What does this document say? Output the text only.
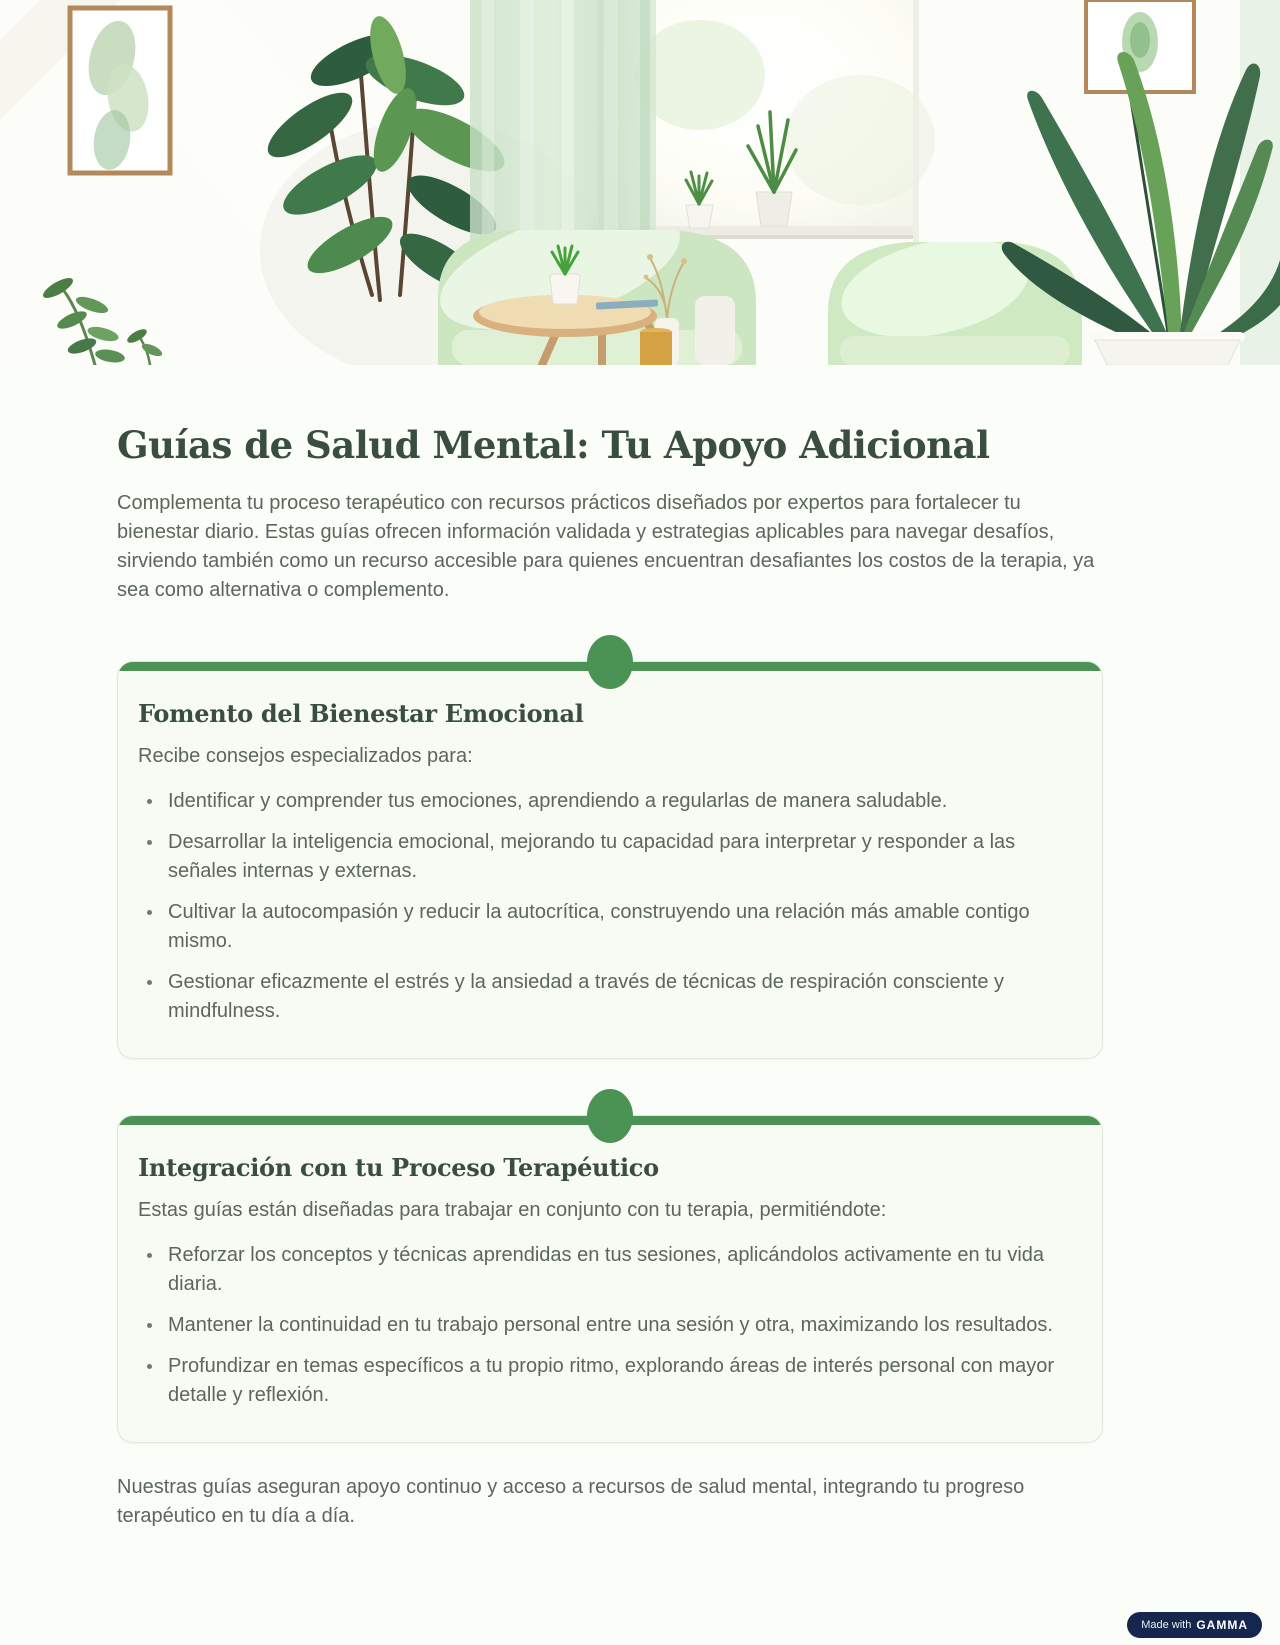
Guías de Salud Mental: Tu Apoyo Adicional

Complementa tu proceso terapéutico con recursos prácticos diseñados por expertos para fortalecer tu bienestar diario. Estas guías ofrecen información validada y estrategias aplicables para navegar desafíos, sirviendo también como un recurso accesible para quienes encuentran desafiantes los costos de la terapia, ya sea como alternativa o complemento.

Fomento del Bienestar Emocional

Recibe consejos especializados para:

Identificar y comprender tus emociones, aprendiendo a regularlas de manera saludable.
Desarrollar la inteligencia emocional, mejorando tu capacidad para interpretar y responder a las señales internas y externas.
Cultivar la autocompasión y reducir la autocrítica, construyendo una relación más amable contigo mismo.
Gestionar eficazmente el estrés y la ansiedad a través de técnicas de respiración consciente y mindfulness.
Integración con tu Proceso Terapéutico

Estas guías están diseñadas para trabajar en conjunto con tu terapia, permitiéndote:

Reforzar los conceptos y técnicas aprendidas en tus sesiones, aplicándolos activamente en tu vida diaria.
Mantener la continuidad en tu trabajo personal entre una sesión y otra, maximizando los resultados.
Profundizar en temas específicos a tu propio ritmo, explorando áreas de interés personal con mayor detalle y reflexión.

Nuestras guías aseguran apoyo continuo y acceso a recursos de salud mental, integrando tu progreso terapéutico en tu día a día.

Made with GAMMA
